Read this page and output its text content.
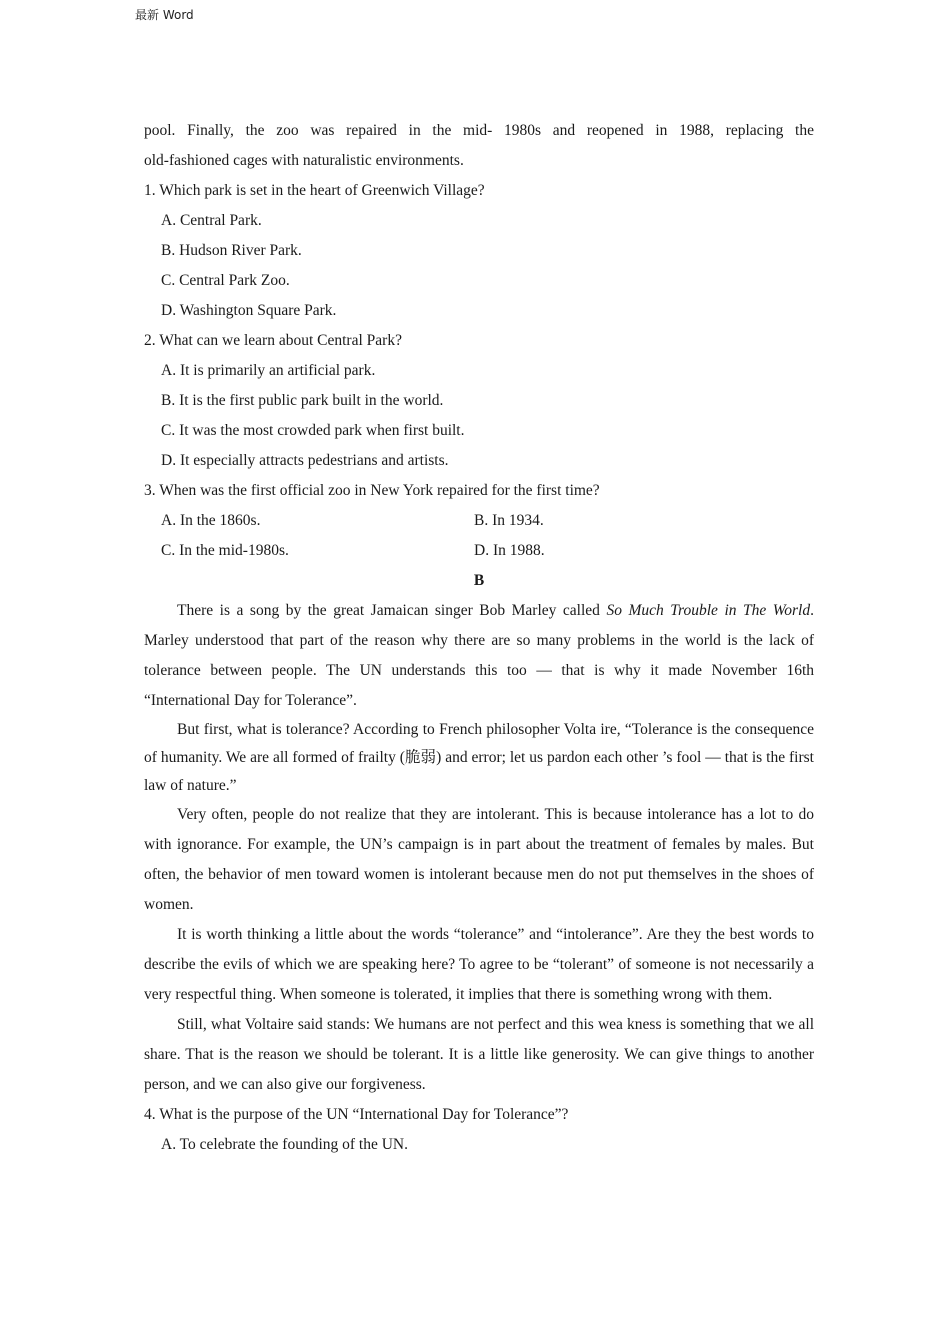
最新 Word

pool. Finally, the zoo was repaired in the mid- 1980s and reopened in 1988, replacing the

old-fashioned cages with naturalistic environments.

1. Which park is set in the heart of Greenwich Village?
A. Central Park.
B. Hudson River Park.
C. Central Park Zoo.
D. Washington Square Park.
2. What can we learn about Central Park?
A. It is primarily an artificial park.
B. It is the first public park built in the world.
C. It was the most crowded park when first built.
D. It especially attracts pedestrians and artists.
3. When was the first official zoo in New York repaired for the first time?
A. In the 1860s.	B. In 1934.
C. In the mid-1980s.	D. In 1988.
B

There is a song by the great Jamaican singer Bob Marley called So Much Trouble in The World. Marley understood that part of the reason why there are so many problems in the world is the lack of tolerance between people. The UN understands this too — that is why it made November 16th “International Day for Tolerance”.

But first, what is tolerance? According to French philosopher Volta ire, “Tolerance is the consequence of humanity. We are all formed of frailty (脆弱) and error; let us pardon each other ’s fool — that is the first law of nature.”

Very often, people do not realize that they are intolerant. This is because intolerance has a lot to do with ignorance. For example, the UN’s campaign is in part about the treatment of females by males. But often, the behavior of men toward women is intolerant because men do not put themselves in the shoes of women.

It is worth thinking a little about the words “tolerance” and “intolerance”. Are they the best words to describe the evils of which we are speaking here? To agree to be “tolerant” of someone is not necessarily a very respectful thing. When someone is tolerated, it implies that there is something wrong with them.

Still, what Voltaire said stands: We humans are not perfect and this wea kness is something that we all share. That is the reason we should be tolerant. It is a little like generosity. We can give things to another person, and we can also give our forgiveness.

4. What is the purpose of the UN “International Day for Tolerance”?
A. To celebrate the founding of the UN.
